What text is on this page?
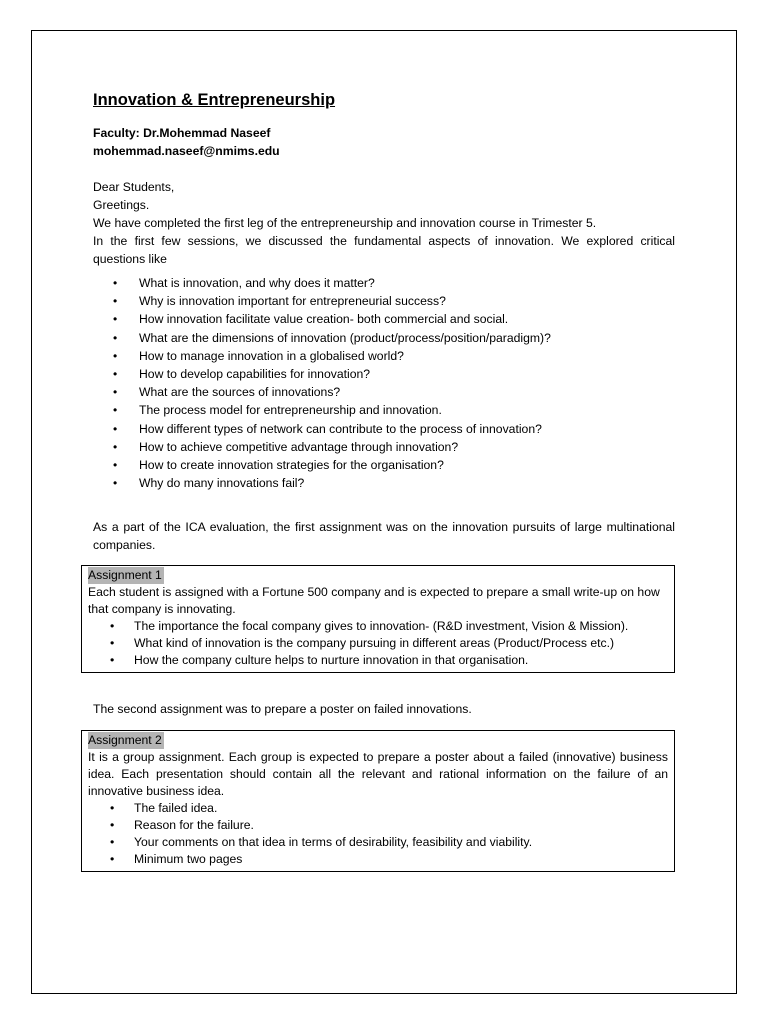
Innovation & Entrepreneurship

Faculty: Dr.Mohemmad Naseef

mohemmad.naseef@nmims.edu

Dear Students,

Greetings.

We have completed the first leg of the entrepreneurship and innovation course in Trimester 5.

In the first few sessions, we discussed the fundamental aspects of innovation. We explored critical questions like

• What is innovation, and why does it matter?
• Why is innovation important for entrepreneurial success?
• How innovation facilitate value creation- both commercial and social.
• What are the dimensions of innovation (product/process/position/paradigm)?
• How to manage innovation in a globalised world?
• How to develop capabilities for innovation?
• What are the sources of innovations?
• The process model for entrepreneurship and innovation.
• How different types of network can contribute to the process of innovation?
• How to achieve competitive advantage through innovation?
• How to create innovation strategies for the organisation?
• Why do many innovations fail?

As a part of the ICA evaluation, the first assignment was on the innovation pursuits of large multinational companies.

Assignment 1

Each student is assigned with a Fortune 500 company and is expected to prepare a small write-up on how that company is innovating.

• The importance the focal company gives to innovation- (R&D investment, Vision & Mission).
• What kind of innovation is the company pursuing in different areas (Product/Process etc.)
• How the company culture helps to nurture innovation in that organisation.

The second assignment was to prepare a poster on failed innovations.

Assignment 2

It is a group assignment. Each group is expected to prepare a poster about a failed (innovative) business idea. Each presentation should contain all the relevant and rational information on the failure of an innovative business idea.

• The failed idea.
• Reason for the failure.
• Your comments on that idea in terms of desirability, feasibility and viability.
• Minimum two pages
